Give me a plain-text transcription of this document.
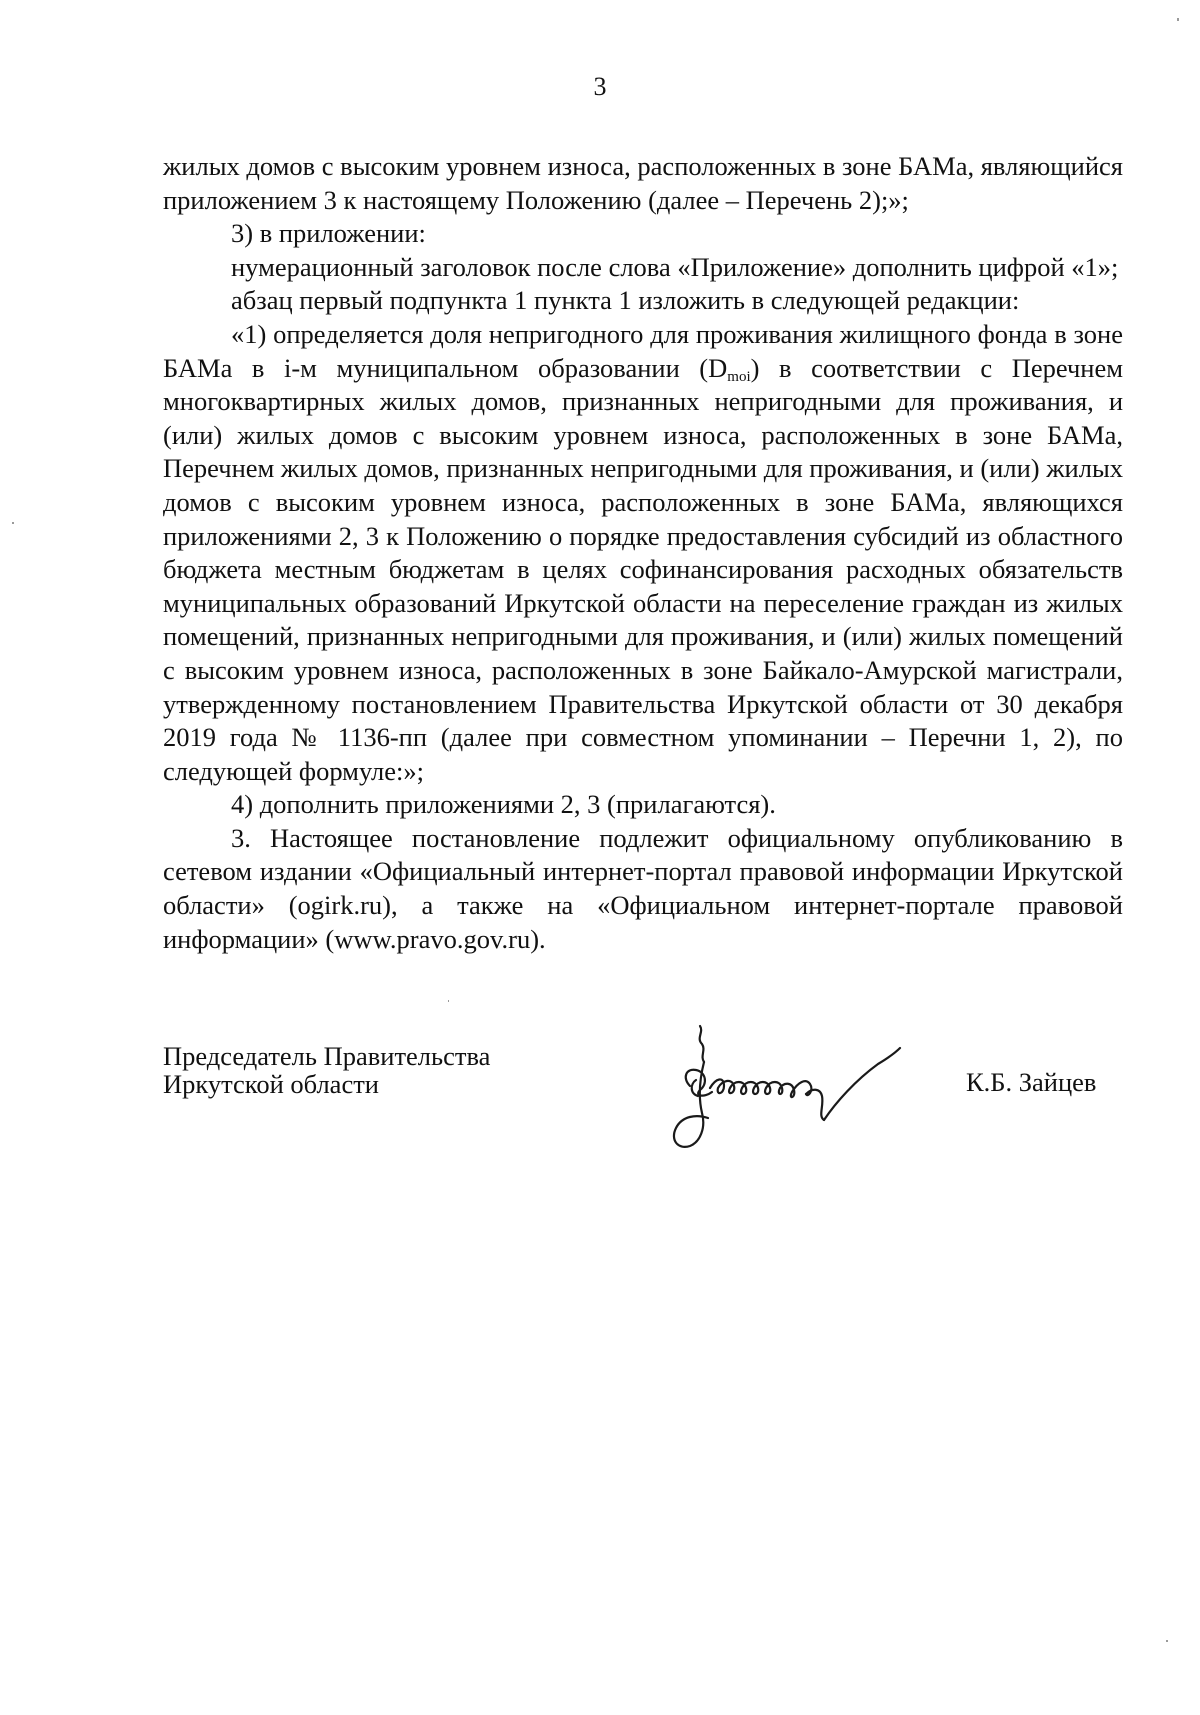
3

жилых домов с высоким уровнем износа, расположенных в зоне БАМа, являющийся приложением 3 к настоящему Положению (далее – Перечень 2);»;

3) в приложении:

нумерационный заголовок после слова «Приложение» дополнить цифрой «1»;

абзац первый подпункта 1 пункта 1 изложить в следующей редакции:

«1) определяется доля непригодного для проживания жилищного фонда в зоне БАМа в i-м муниципальном образовании $(D_{moi})$ в соответствии с Перечнем многоквартирных жилых домов, признанных непригодными для проживания, и (или) жилых домов с высоким уровнем износа, расположенных в зоне БАМа, Перечнем жилых домов, признанных непригодными для проживания, и (или) жилых домов с высоким уровнем износа, расположенных в зоне БАМа, являющихся приложениями 2, 3 к Положению о порядке предоставления субсидий из областного бюджета местным бюджетам в целях софинансирования расходных обязательств муниципальных образований Иркутской области на переселение граждан из жилых помещений, признанных непригодными для проживания, и (или) жилых помещений с высоким уровнем износа, расположенных в зоне Байкало-Амурской магистрали, утвержденному постановлением Правительства Иркутской области от 30 декабря 2019 года № 1136-пп (далее при совместном упоминании – Перечни 1, 2), по следующей формуле:»;

4) дополнить приложениями 2, 3 (прилагаются).

3. Настоящее постановление подлежит официальному опубликованию в сетевом издании «Официальный интернет-портал правовой информации Иркутской области» (ogirk.ru), а также на «Официальном интернет-портале правовой информации» (www.pravo.gov.ru).

Председатель Правительства
Иркутской области	К.Б. Зайцев
